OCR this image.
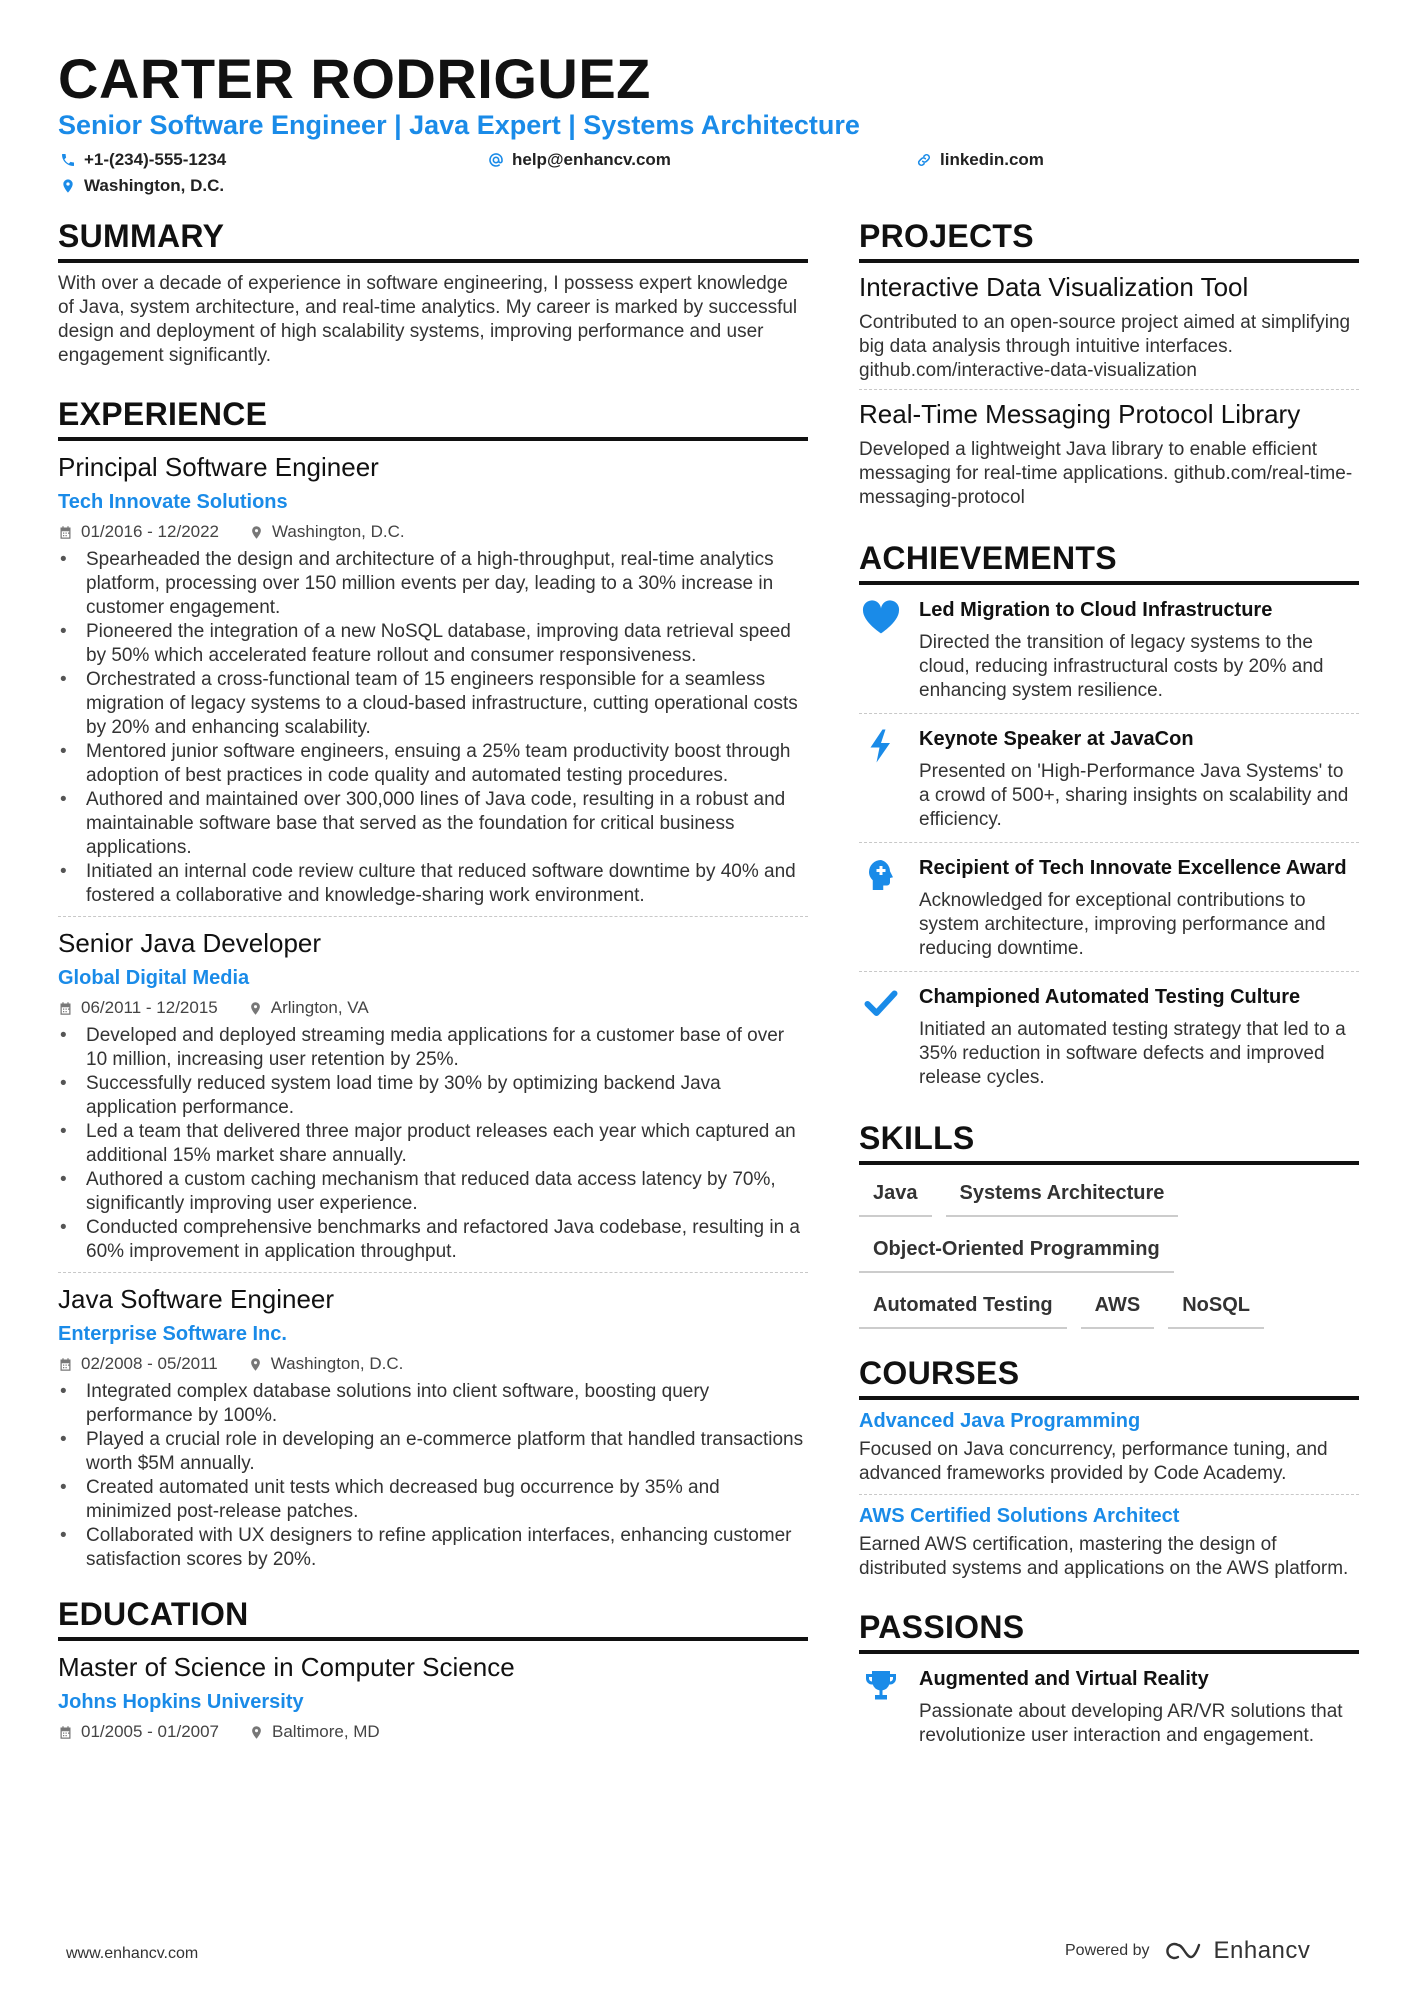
CARTER RODRIGUEZ
Senior Software Engineer | Java Expert | Systems Architecture
+1-(234)-555-1234	help@enhancv.com	linkedin.com
Washington, D.C.
SUMMARY
With over a decade of experience in software engineering, I possess expert knowledge of Java, system architecture, and real-time analytics. My career is marked by successful design and deployment of high scalability systems, improving performance and user engagement significantly.
EXPERIENCE
Principal Software Engineer
Tech Innovate Solutions
01/2016 - 12/2022	Washington, D.C.
• Spearheaded the design and architecture of a high-throughput, real-time analytics platform, processing over 150 million events per day, leading to a 30% increase in customer engagement.
• Pioneered the integration of a new NoSQL database, improving data retrieval speed by 50% which accelerated feature rollout and consumer responsiveness.
• Orchestrated a cross-functional team of 15 engineers responsible for a seamless migration of legacy systems to a cloud-based infrastructure, cutting operational costs by 20% and enhancing scalability.
• Mentored junior software engineers, ensuing a 25% team productivity boost through adoption of best practices in code quality and automated testing procedures.
• Authored and maintained over 300,000 lines of Java code, resulting in a robust and maintainable software base that served as the foundation for critical business applications.
• Initiated an internal code review culture that reduced software downtime by 40% and fostered a collaborative and knowledge-sharing work environment.
Senior Java Developer
Global Digital Media
06/2011 - 12/2015	Arlington, VA
• Developed and deployed streaming media applications for a customer base of over 10 million, increasing user retention by 25%.
• Successfully reduced system load time by 30% by optimizing backend Java application performance.
• Led a team that delivered three major product releases each year which captured an additional 15% market share annually.
• Authored a custom caching mechanism that reduced data access latency by 70%, significantly improving user experience.
• Conducted comprehensive benchmarks and refactored Java codebase, resulting in a 60% improvement in application throughput.
Java Software Engineer
Enterprise Software Inc.
02/2008 - 05/2011	Washington, D.C.
• Integrated complex database solutions into client software, boosting query performance by 100%.
• Played a crucial role in developing an e-commerce platform that handled transactions worth $5M annually.
• Created automated unit tests which decreased bug occurrence by 35% and minimized post-release patches.
• Collaborated with UX designers to refine application interfaces, enhancing customer satisfaction scores by 20%.
EDUCATION
Master of Science in Computer Science
Johns Hopkins University
01/2005 - 01/2007	Baltimore, MD
PROJECTS
Interactive Data Visualization Tool
Contributed to an open-source project aimed at simplifying big data analysis through intuitive interfaces. github.com/interactive-data-visualization
Real-Time Messaging Protocol Library
Developed a lightweight Java library to enable efficient messaging for real-time applications. github.com/real-time-messaging-protocol
ACHIEVEMENTS
Led Migration to Cloud Infrastructure
Directed the transition of legacy systems to the cloud, reducing infrastructural costs by 20% and enhancing system resilience.
Keynote Speaker at JavaCon
Presented on 'High-Performance Java Systems' to a crowd of 500+, sharing insights on scalability and efficiency.
Recipient of Tech Innovate Excellence Award
Acknowledged for exceptional contributions to system architecture, improving performance and reducing downtime.
Championed Automated Testing Culture
Initiated an automated testing strategy that led to a 35% reduction in software defects and improved release cycles.
SKILLS
Java	Systems Architecture
Object-Oriented Programming
Automated Testing	AWS	NoSQL
COURSES
Advanced Java Programming
Focused on Java concurrency, performance tuning, and advanced frameworks provided by Code Academy.
AWS Certified Solutions Architect
Earned AWS certification, mastering the design of distributed systems and applications on the AWS platform.
PASSIONS
Augmented and Virtual Reality
Passionate about developing AR/VR solutions that revolutionize user interaction and engagement.
www.enhancv.com	Powered by	Enhancv
